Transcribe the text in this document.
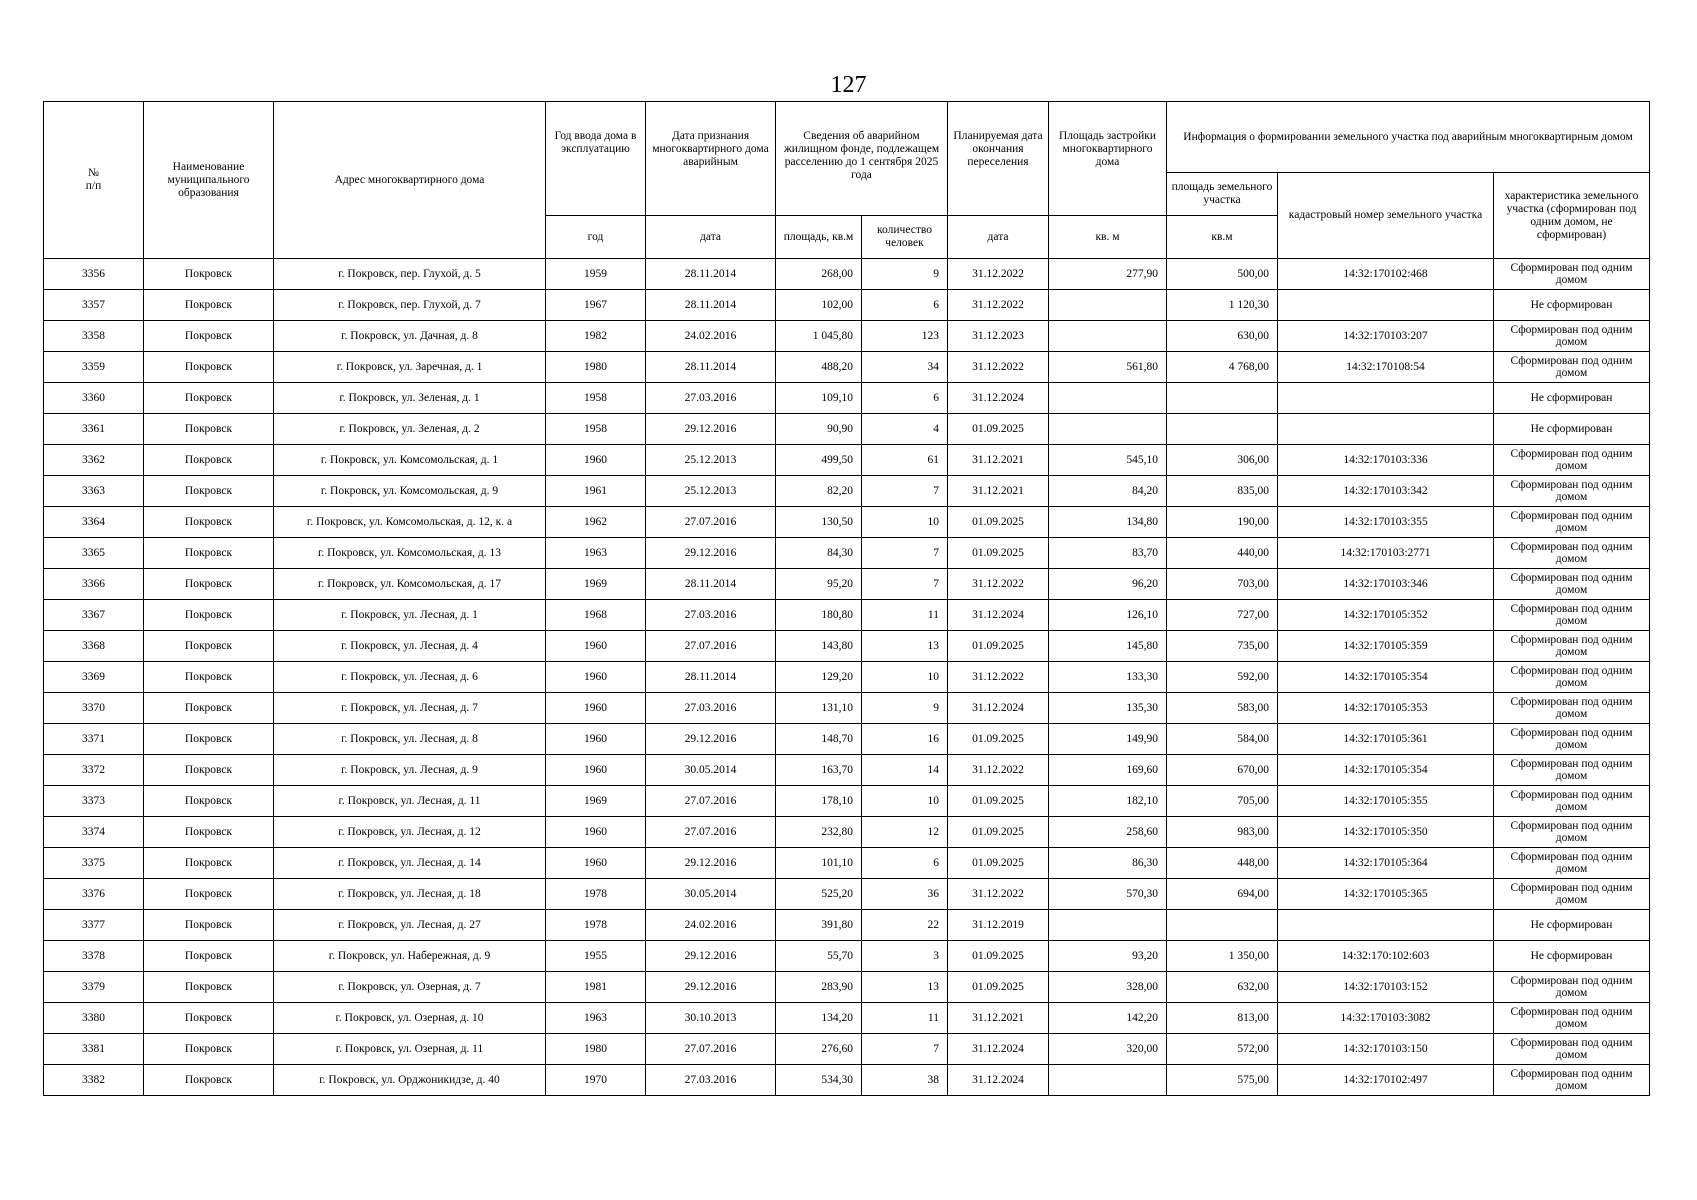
127
№
п/п	Наименование муниципального образования	Адрес многоквартирного дома	Год ввода дома в эксплуатацию	Дата признания многоквартирного дома аварийным	Сведения об аварийном жилищном фонде, подлежащем расселению до 1 сентября 2025 года		Планируемая дата окончания переселения	Площадь застройки многоквартирного дома	Информация о формировании земельного участка под аварийным многоквартирным домом		
									площадь земельного участка	кадастровый номер земельного участка	характеристика земельного участка (сформирован под одним домом, не сформирован)
			год	дата	площадь, кв.м	количество человек	дата	кв. м	кв.м		
3356	Покровск	г. Покровск, пер. Глухой, д. 5	1959	28.11.2014	268,00	9	31.12.2022	277,90	500,00	14:32:170102:468	Сформирован под одним домом
3357	Покровск	г. Покровск, пер. Глухой, д. 7	1967	28.11.2014	102,00	6	31.12.2022		1 120,30		Не сформирован
3358	Покровск	г. Покровск, ул. Дачная, д. 8	1982	24.02.2016	1 045,80	123	31.12.2023		630,00	14:32:170103:207	Сформирован под одним домом
3359	Покровск	г. Покровск, ул. Заречная, д. 1	1980	28.11.2014	488,20	34	31.12.2022	561,80	4 768,00	14:32:170108:54	Сформирован под одним домом
3360	Покровск	г. Покровск, ул. Зеленая, д. 1	1958	27.03.2016	109,10	6	31.12.2024				Не сформирован
3361	Покровск	г. Покровск, ул. Зеленая, д. 2	1958	29.12.2016	90,90	4	01.09.2025				Не сформирован
3362	Покровск	г. Покровск, ул. Комсомольская, д. 1	1960	25.12.2013	499,50	61	31.12.2021	545,10	306,00	14:32:170103:336	Сформирован под одним домом
3363	Покровск	г. Покровск, ул. Комсомольская, д. 9	1961	25.12.2013	82,20	7	31.12.2021	84,20	835,00	14:32:170103:342	Сформирован под одним домом
3364	Покровск	г. Покровск, ул. Комсомольская, д. 12, к. а	1962	27.07.2016	130,50	10	01.09.2025	134,80	190,00	14:32:170103:355	Сформирован под одним домом
3365	Покровск	г. Покровск, ул. Комсомольская, д. 13	1963	29.12.2016	84,30	7	01.09.2025	83,70	440,00	14:32:170103:2771	Сформирован под одним домом
3366	Покровск	г. Покровск, ул. Комсомольская, д. 17	1969	28.11.2014	95,20	7	31.12.2022	96,20	703,00	14:32:170103:346	Сформирован под одним домом
3367	Покровск	г. Покровск, ул. Лесная, д. 1	1968	27.03.2016	180,80	11	31.12.2024	126,10	727,00	14:32:170105:352	Сформирован под одним домом
3368	Покровск	г. Покровск, ул. Лесная, д. 4	1960	27.07.2016	143,80	13	01.09.2025	145,80	735,00	14:32:170105:359	Сформирован под одним домом
3369	Покровск	г. Покровск, ул. Лесная, д. 6	1960	28.11.2014	129,20	10	31.12.2022	133,30	592,00	14:32:170105:354	Сформирован под одним домом
3370	Покровск	г. Покровск, ул. Лесная, д. 7	1960	27.03.2016	131,10	9	31.12.2024	135,30	583,00	14:32:170105:353	Сформирован под одним домом
3371	Покровск	г. Покровск, ул. Лесная, д. 8	1960	29.12.2016	148,70	16	01.09.2025	149,90	584,00	14:32:170105:361	Сформирован под одним домом
3372	Покровск	г. Покровск, ул. Лесная, д. 9	1960	30.05.2014	163,70	14	31.12.2022	169,60	670,00	14:32:170105:354	Сформирован под одним домом
3373	Покровск	г. Покровск, ул. Лесная, д. 11	1969	27.07.2016	178,10	10	01.09.2025	182,10	705,00	14:32:170105:355	Сформирован под одним домом
3374	Покровск	г. Покровск, ул. Лесная, д. 12	1960	27.07.2016	232,80	12	01.09.2025	258,60	983,00	14:32:170105:350	Сформирован под одним домом
3375	Покровск	г. Покровск, ул. Лесная, д. 14	1960	29.12.2016	101,10	6	01.09.2025	86,30	448,00	14:32:170105:364	Сформирован под одним домом
3376	Покровск	г. Покровск, ул. Лесная, д. 18	1978	30.05.2014	525,20	36	31.12.2022	570,30	694,00	14:32:170105:365	Сформирован под одним домом
3377	Покровск	г. Покровск, ул. Лесная, д. 27	1978	24.02.2016	391,80	22	31.12.2019				Не сформирован
3378	Покровск	г. Покровск, ул. Набережная, д. 9	1955	29.12.2016	55,70	3	01.09.2025	93,20	1 350,00	14:32:170:102:603	Не сформирован
3379	Покровск	г. Покровск, ул. Озерная, д. 7	1981	29.12.2016	283,90	13	01.09.2025	328,00	632,00	14:32:170103:152	Сформирован под одним домом
3380	Покровск	г. Покровск, ул. Озерная, д. 10	1963	30.10.2013	134,20	11	31.12.2021	142,20	813,00	14:32:170103:3082	Сформирован под одним домом
3381	Покровск	г. Покровск, ул. Озерная, д. 11	1980	27.07.2016	276,60	7	31.12.2024	320,00	572,00	14:32:170103:150	Сформирован под одним домом
3382	Покровск	г. Покровск, ул. Орджоникидзе, д. 40	1970	27.03.2016	534,30	38	31.12.2024		575,00	14:32:170102:497	Сформирован под одним домом
